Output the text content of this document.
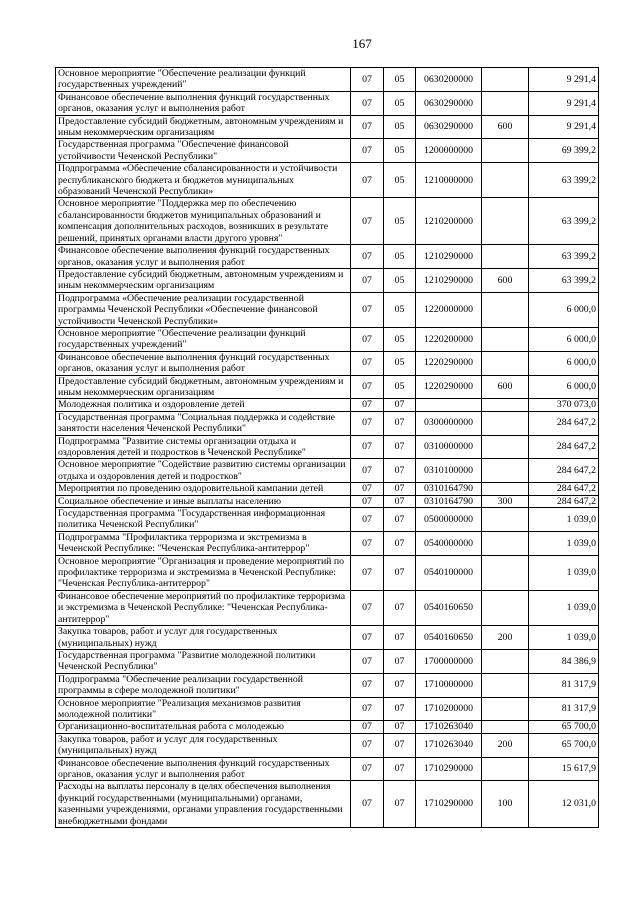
167
Основное мероприятие "Обеспечение реализации функций государственных учреждений"	07	05	0630200000		9 291,4
Финансовое обеспечение выполнения функций государственных органов, оказания услуг и выполнения работ	07	05	0630290000		9 291,4
Предоставление субсидий бюджетным, автономным учреждениям и иным некоммерческим организациям	07	05	0630290000	600	9 291,4
Государственная программа "Обеспечение финансовой устойчивости Чеченской Республики"	07	05	1200000000		69 399,2
Подпрограмма «Обеспечение сбалансированности и устойчивости республиканского бюджета и бюджетов муниципальных образований Чеченской Республики»	07	05	1210000000		63 399,2
Основное мероприятие "Поддержка мер по обеспечению сбалансированности бюджетов муниципальных образований и компенсация дополнительных расходов, возникших в результате решений, принятых органами власти другого уровня"	07	05	1210200000		63 399,2
Финансовое обеспечение выполнения функций государственных органов, оказания услуг и выполнения работ	07	05	1210290000		63 399,2
Предоставление субсидий бюджетным, автономным учреждениям и иным некоммерческим организациям	07	05	1210290000	600	63 399,2
Подпрограмма «Обеспечение реализации государственной программы Чеченской Республики «Обеспечение финансовой устойчивости Чеченской Республики»	07	05	1220000000		6 000,0
Основное мероприятие "Обеспечение реализации функций государственных учреждений"	07	05	1220200000		6 000,0
Финансовое обеспечение выполнения функций государственных органов, оказания услуг и выполнения работ	07	05	1220290000		6 000,0
Предоставление субсидий бюджетным, автономным учреждениям и иным некоммерческим организациям	07	05	1220290000	600	6 000,0
Молодежная политика и оздоровление детей	07	07			370 073,0
Государственная программа "Социальная поддержка и содействие занятости населения Чеченской Республики"	07	07	0300000000		284 647,2
Подпрограмма "Развитие системы организации отдыха и оздоровления детей и подростков в Чеченской Республике"	07	07	0310000000		284 647,2
Основное мероприятие "Содействие развитию системы организации отдыха и оздоровления детей и подростков"	07	07	0310100000		284 647,2
Мероприятия по проведению оздоровительной кампании детей	07	07	0310164790		284 647,2
Социальное обеспечение и иные выплаты населению	07	07	0310164790	300	284 647,2
Государственная программа "Государственная информационная политика Чеченской Республики"	07	07	0500000000		1 039,0
Подпрограмма "Профилактика терроризма и экстремизма в Чеченской Республике: "Чеченская Республика-антитеррор"	07	07	0540000000		1 039,0
Основное мероприятие "Организация и проведение мероприятий по профилактике терроризма и экстремизма в Чеченской Республике: "Чеченская Республика-антитеррор"	07	07	0540100000		1 039,0
Финансовое обеспечение мероприятий по профилактике терроризма и экстремизма в Чеченской Республике: "Чеченская Республика-антитеррор"	07	07	0540160650		1 039,0
Закупка товаров, работ и услуг для государственных (муниципальных) нужд	07	07	0540160650	200	1 039,0
Государственная программа "Развитие молодежной политики Чеченской Республики"	07	07	1700000000		84 386,9
Подпрограмма "Обеспечение реализации государственной программы в сфере молодежной политики"	07	07	1710000000		81 317,9
Основное мероприятие "Реализация механизмов развития молодежной политики"	07	07	1710200000		81 317,9
Организационно-воспитательная работа с молодежью	07	07	1710263040		65 700,0
Закупка товаров, работ и услуг для государственных (муниципальных) нужд	07	07	1710263040	200	65 700,0
Финансовое обеспечение выполнения функций государственных органов, оказания услуг и выполнения работ	07	07	1710290000		15 617,9
Расходы на выплаты персоналу в целях обеспечения выполнения функций государственными (муниципальными) органами, казенными учреждениями, органами управления государственными внебюджетными фондами	07	07	1710290000	100	12 031,0
